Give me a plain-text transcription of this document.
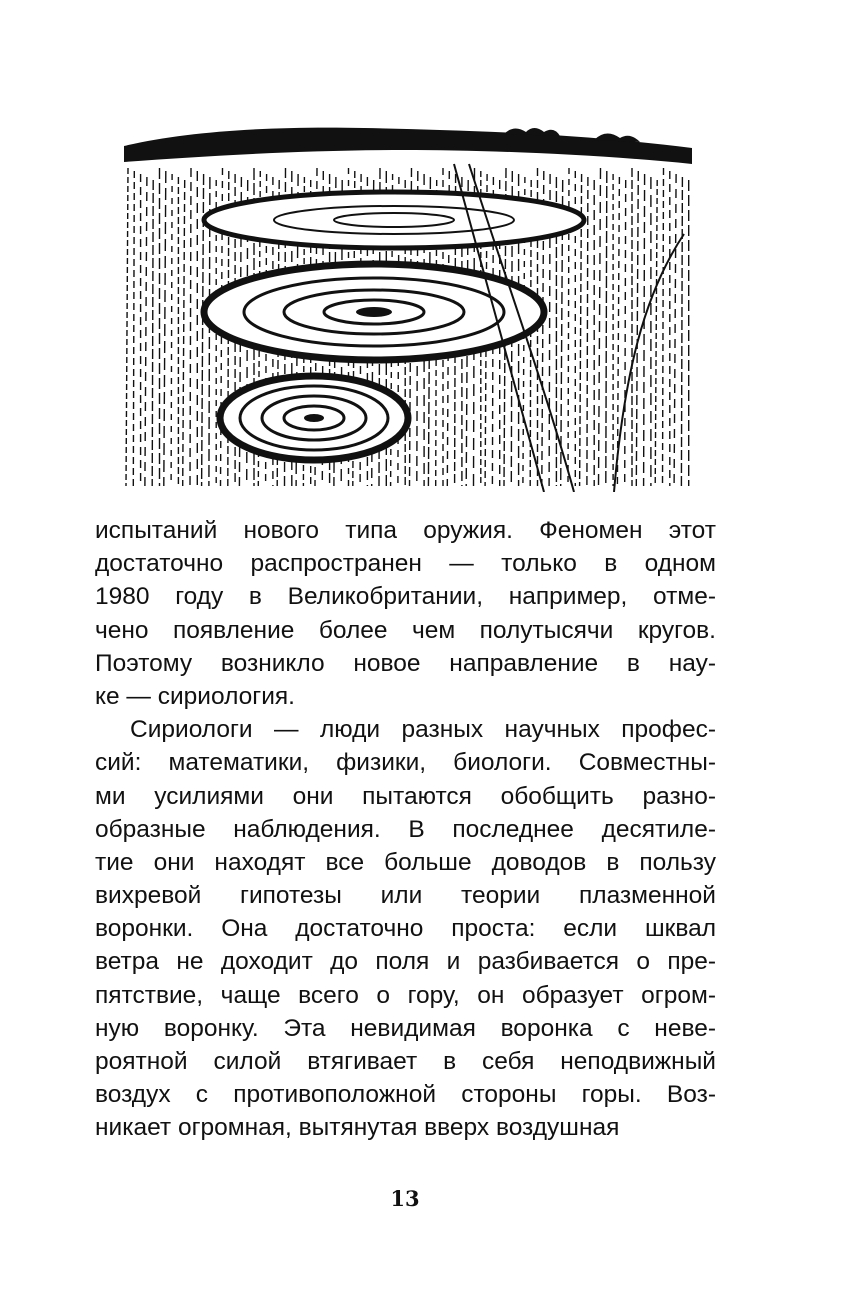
испытаний нового типа оружия. Феномен этот
достаточно распространен — только в одном
1980 году в Великобритании, например, отме-
чено появление более чем полутысячи кругов.
Поэтому возникло новое направление в нау-
ке — сириология.
Сириологи — люди разных научных профес-
сий: математики, физики, биологи. Совместны-
ми усилиями они пытаются обобщить разно-
образные наблюдения. В последнее десятиле-
тие они находят все больше доводов в пользу
вихревой гипотезы или теории плазменной
воронки. Она достаточно проста: если шквал
ветра не доходит до поля и разбивается о пре-
пятствие, чаще всего о гору, он образует огром-
ную воронку. Эта невидимая воронка с неве-
роятной силой втягивает в себя неподвижный
воздух с противоположной стороны горы. Воз-
никает огромная, вытянутая вверх воздушная
13
